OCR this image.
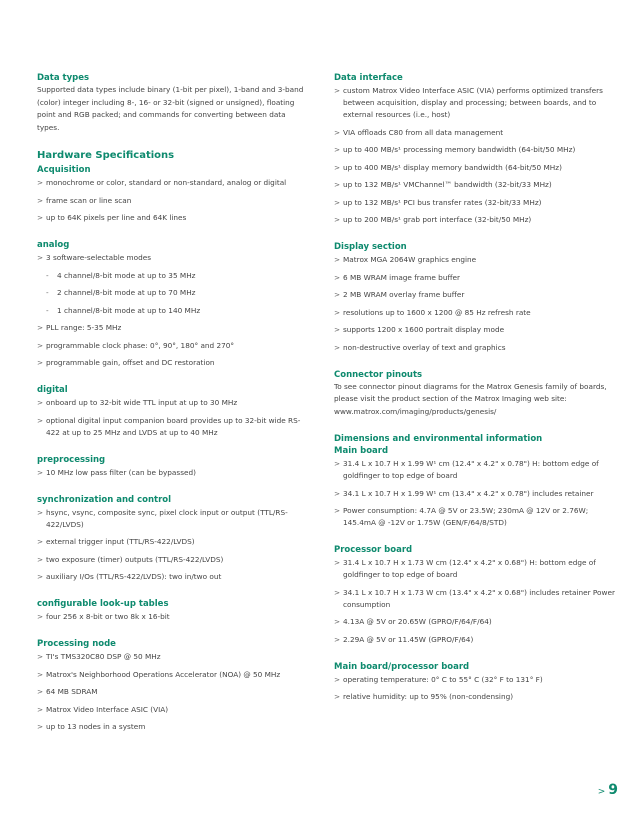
Data types
Supported data types include binary (1-bit per pixel), 1-band and 3-band (color) integer including 8-, 16- or 32-bit (signed or unsigned), floating point and RGB packed; and commands for converting between data types.
Hardware Specifications
Acquisition
> monochrome or color, standard or non-standard, analog or digital
> frame scan or line scan
> up to 64K pixels per line and 64K lines
analog
> 3 software-selectable modes
- 4 channel/8-bit mode at up to 35 MHz
- 2 channel/8-bit mode at up to 70 MHz
- 1 channel/8-bit mode at up to 140 MHz
> PLL range: 5-35 MHz
> programmable clock phase: 0°, 90°, 180° and 270°
> programmable gain, offset and DC restoration
digital
> onboard up to 32-bit wide TTL input at up to 30 MHz
> optional digital input companion board provides up to 32-bit wide RS-422 at up to 25 MHz and LVDS at up to 40 MHz
preprocessing
> 10 MHz low pass filter (can be bypassed)
synchronization and control
> hsync, vsync, composite sync, pixel clock input or output (TTL/RS-422/LVDS)
> external trigger input (TTL/RS-422/LVDS)
> two exposure (timer) outputs (TTL/RS-422/LVDS)
> auxiliary I/Os (TTL/RS-422/LVDS): two in/two out
configurable look-up tables
> four 256 x 8-bit or two 8k x 16-bit
Processing node
> TI's TMS320C80 DSP @ 50 MHz
> Matrox's Neighborhood Operations Accelerator (NOA) @ 50 MHz
> 64 MB SDRAM
> Matrox Video Interface ASIC (VIA)
> up to 13 nodes in a system
Data interface
> custom Matrox Video Interface ASIC (VIA) performs optimized transfers between acquisition, display and processing; between boards, and to external resources (i.e., host)
> VIA offloads C80 from all data management
> up to 400 MB/s¹ processing memory bandwidth (64-bit/50 MHz)
> up to 400 MB/s¹ display memory bandwidth (64-bit/50 MHz)
> up to 132 MB/s¹ VMChannel™ bandwidth (32-bit/33 MHz)
> up to 132 MB/s¹ PCI bus transfer rates (32-bit/33 MHz)
> up to 200 MB/s¹ grab port interface (32-bit/50 MHz)
Display section
> Matrox MGA 2064W graphics engine
> 6 MB WRAM image frame buffer
> 2 MB WRAM overlay frame buffer
> resolutions up to 1600 x 1200 @ 85 Hz refresh rate
> supports 1200 x 1600 portrait display mode
> non-destructive overlay of text and graphics
Connector pinouts
To see connector pinout diagrams for the Matrox Genesis family of boards, please visit the product section of the Matrox Imaging web site: www.matrox.com/imaging/products/genesis/
Dimensions and environmental information
Main board
> 31.4 L x 10.7 H x 1.99 W¹ cm (12.4" x 4.2" x 0.78") H: bottom edge of goldfinger to top edge of board
> 34.1 L x 10.7 H x 1.99 W¹ cm (13.4" x 4.2" x 0.78") includes retainer
> Power consumption: 4.7A @ 5V or 23.5W; 230mA @ 12V or 2.76W; 145.4mA @ -12V or 1.75W (GEN/F/64/8/STD)
Processor board
> 31.4 L x 10.7 H x 1.73 W cm (12.4" x 4.2" x 0.68") H: bottom edge of goldfinger to top edge of board
> 34.1 L x 10.7 H x 1.73 W cm (13.4" x 4.2" x 0.68") includes retainer Power consumption
> 4.13A @ 5V or 20.65W (GPRO/F/64/F/64)
> 2.29A @ 5V or 11.45W (GPRO/F/64)
Main board/processor board
> operating temperature: 0° C to 55° C (32° F to 131° F)
> relative humidity: up to 95% (non-condensing)
> 9
